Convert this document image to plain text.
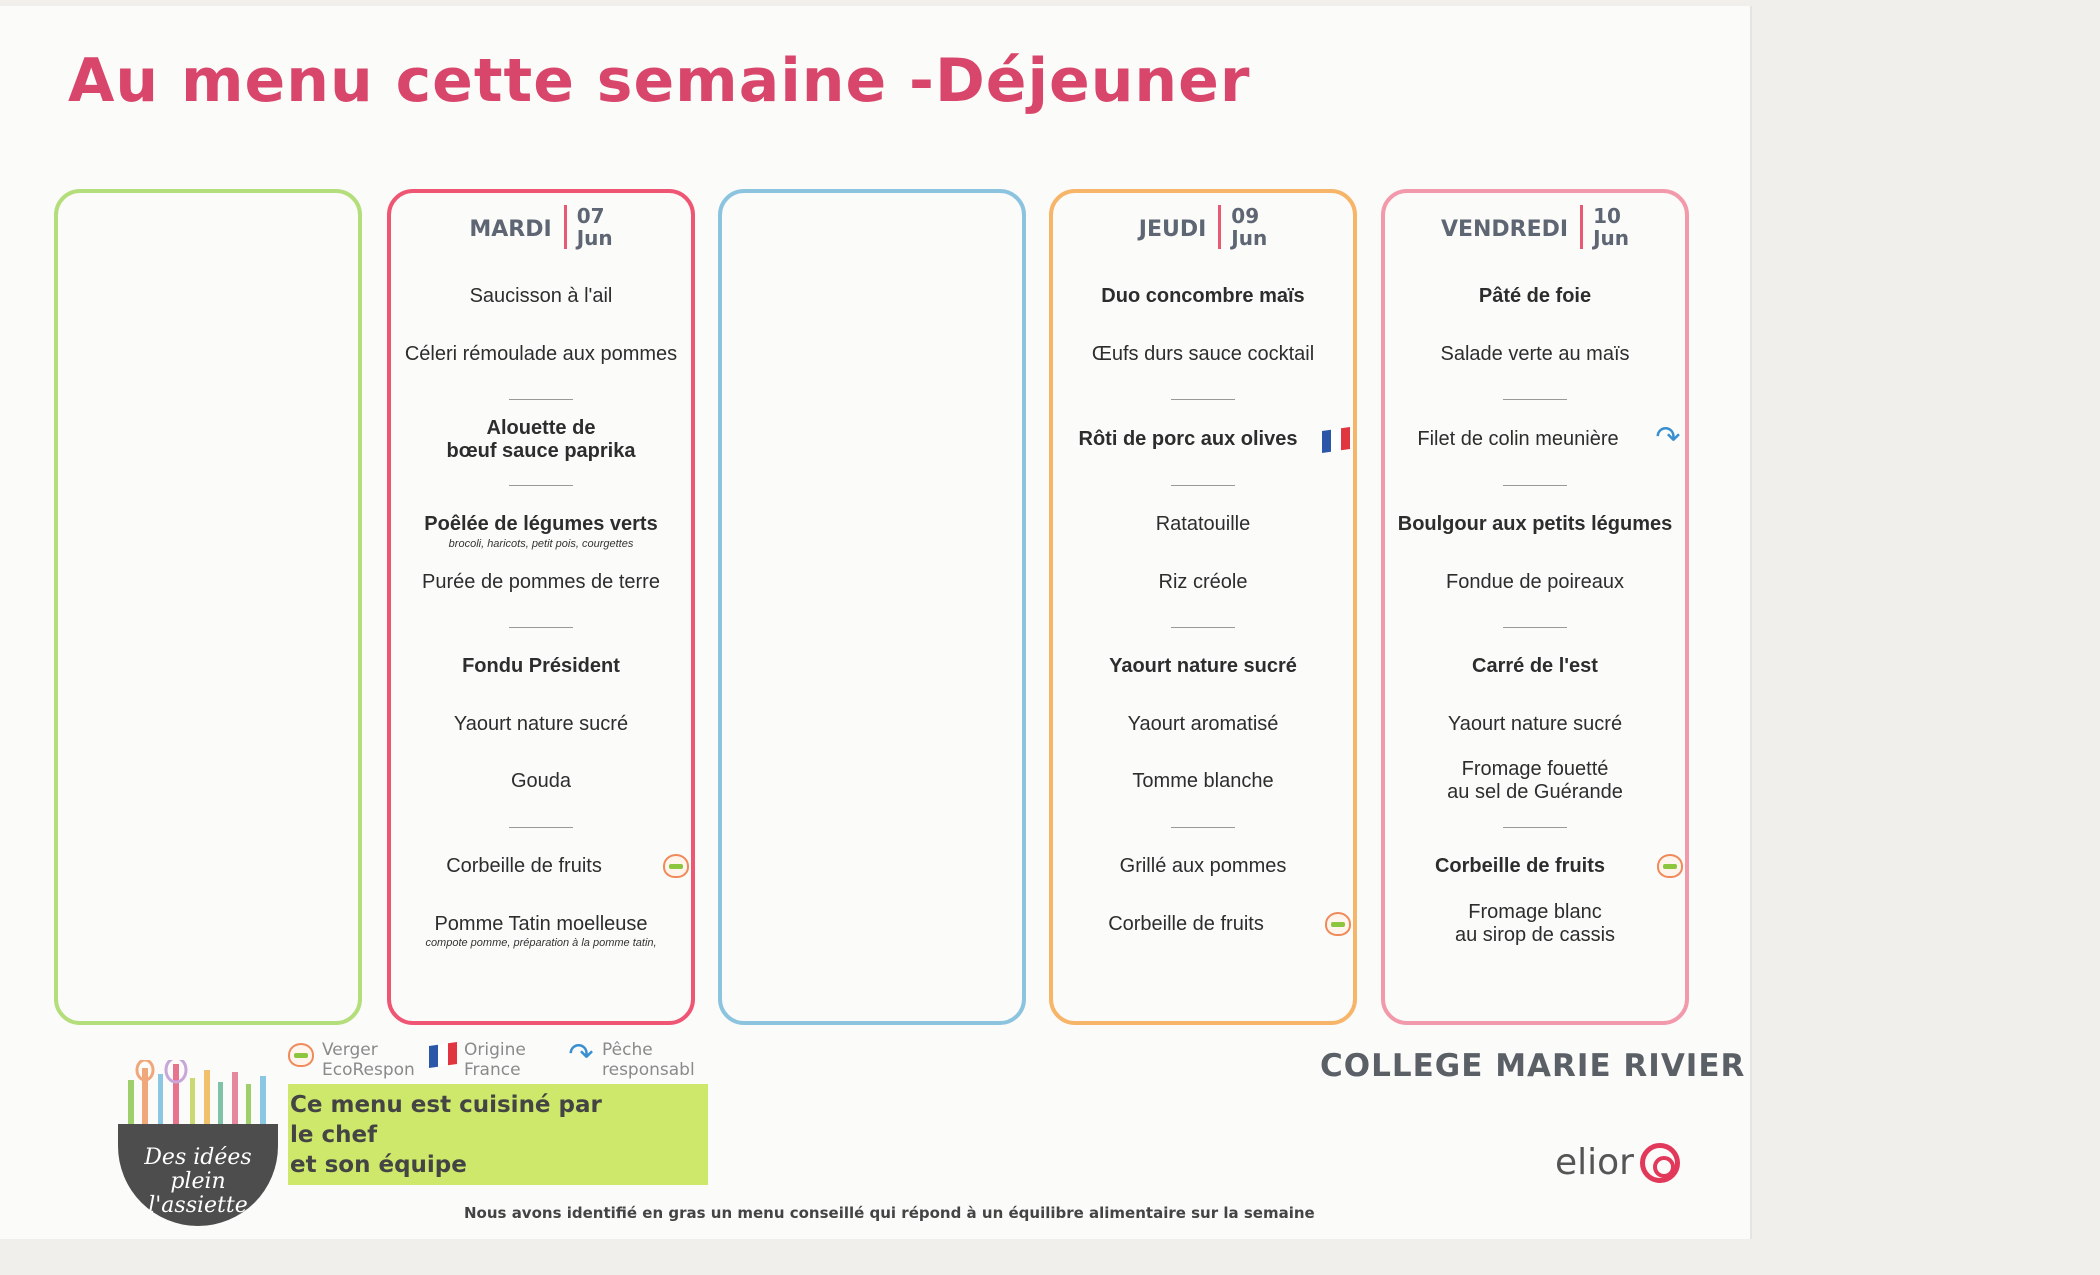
Au menu cette semaine -Déjeuner
MARDI
07
Jun
Saucisson à l'ail
Céleri rémoulade aux pommes
Alouette de
bœuf sauce paprika
Poêlée de légumes verts
brocoli, haricots, petit pois, courgettes
Purée de pommes de terre
Fondu Président
Yaourt nature sucré
Gouda
Corbeille de fruits
Pomme Tatin moelleuse
compote pomme, préparation à la pomme tatin,
JEUDI
09
Jun
Duo concombre maïs
Œufs durs sauce cocktail
Rôti de porc aux olives
Ratatouille
Riz créole
Yaourt nature sucré
Yaourt aromatisé
Tomme blanche
Grillé aux pommes
Corbeille de fruits
VENDREDI
10
Jun
Pâté de foie
Salade verte au maïs
Filet de colin meunière	↷
Boulgour aux petits légumes
Fondue de poireaux
Carré de l'est
Yaourt nature sucré
Fromage fouetté
au sel de Guérande
Corbeille de fruits
Fromage blanc
au sirop de cassis
Verger
EcoRespon
Origine
France ↷ Pêche
responsabl
Des idées plein
l'assiette
Ce menu est cuisiné par
le chef
et son équipe
COLLEGE MARIE RIVIER
elior
Nous avons identifié en gras un menu conseillé qui répond à un équilibre alimentaire sur la semaine
